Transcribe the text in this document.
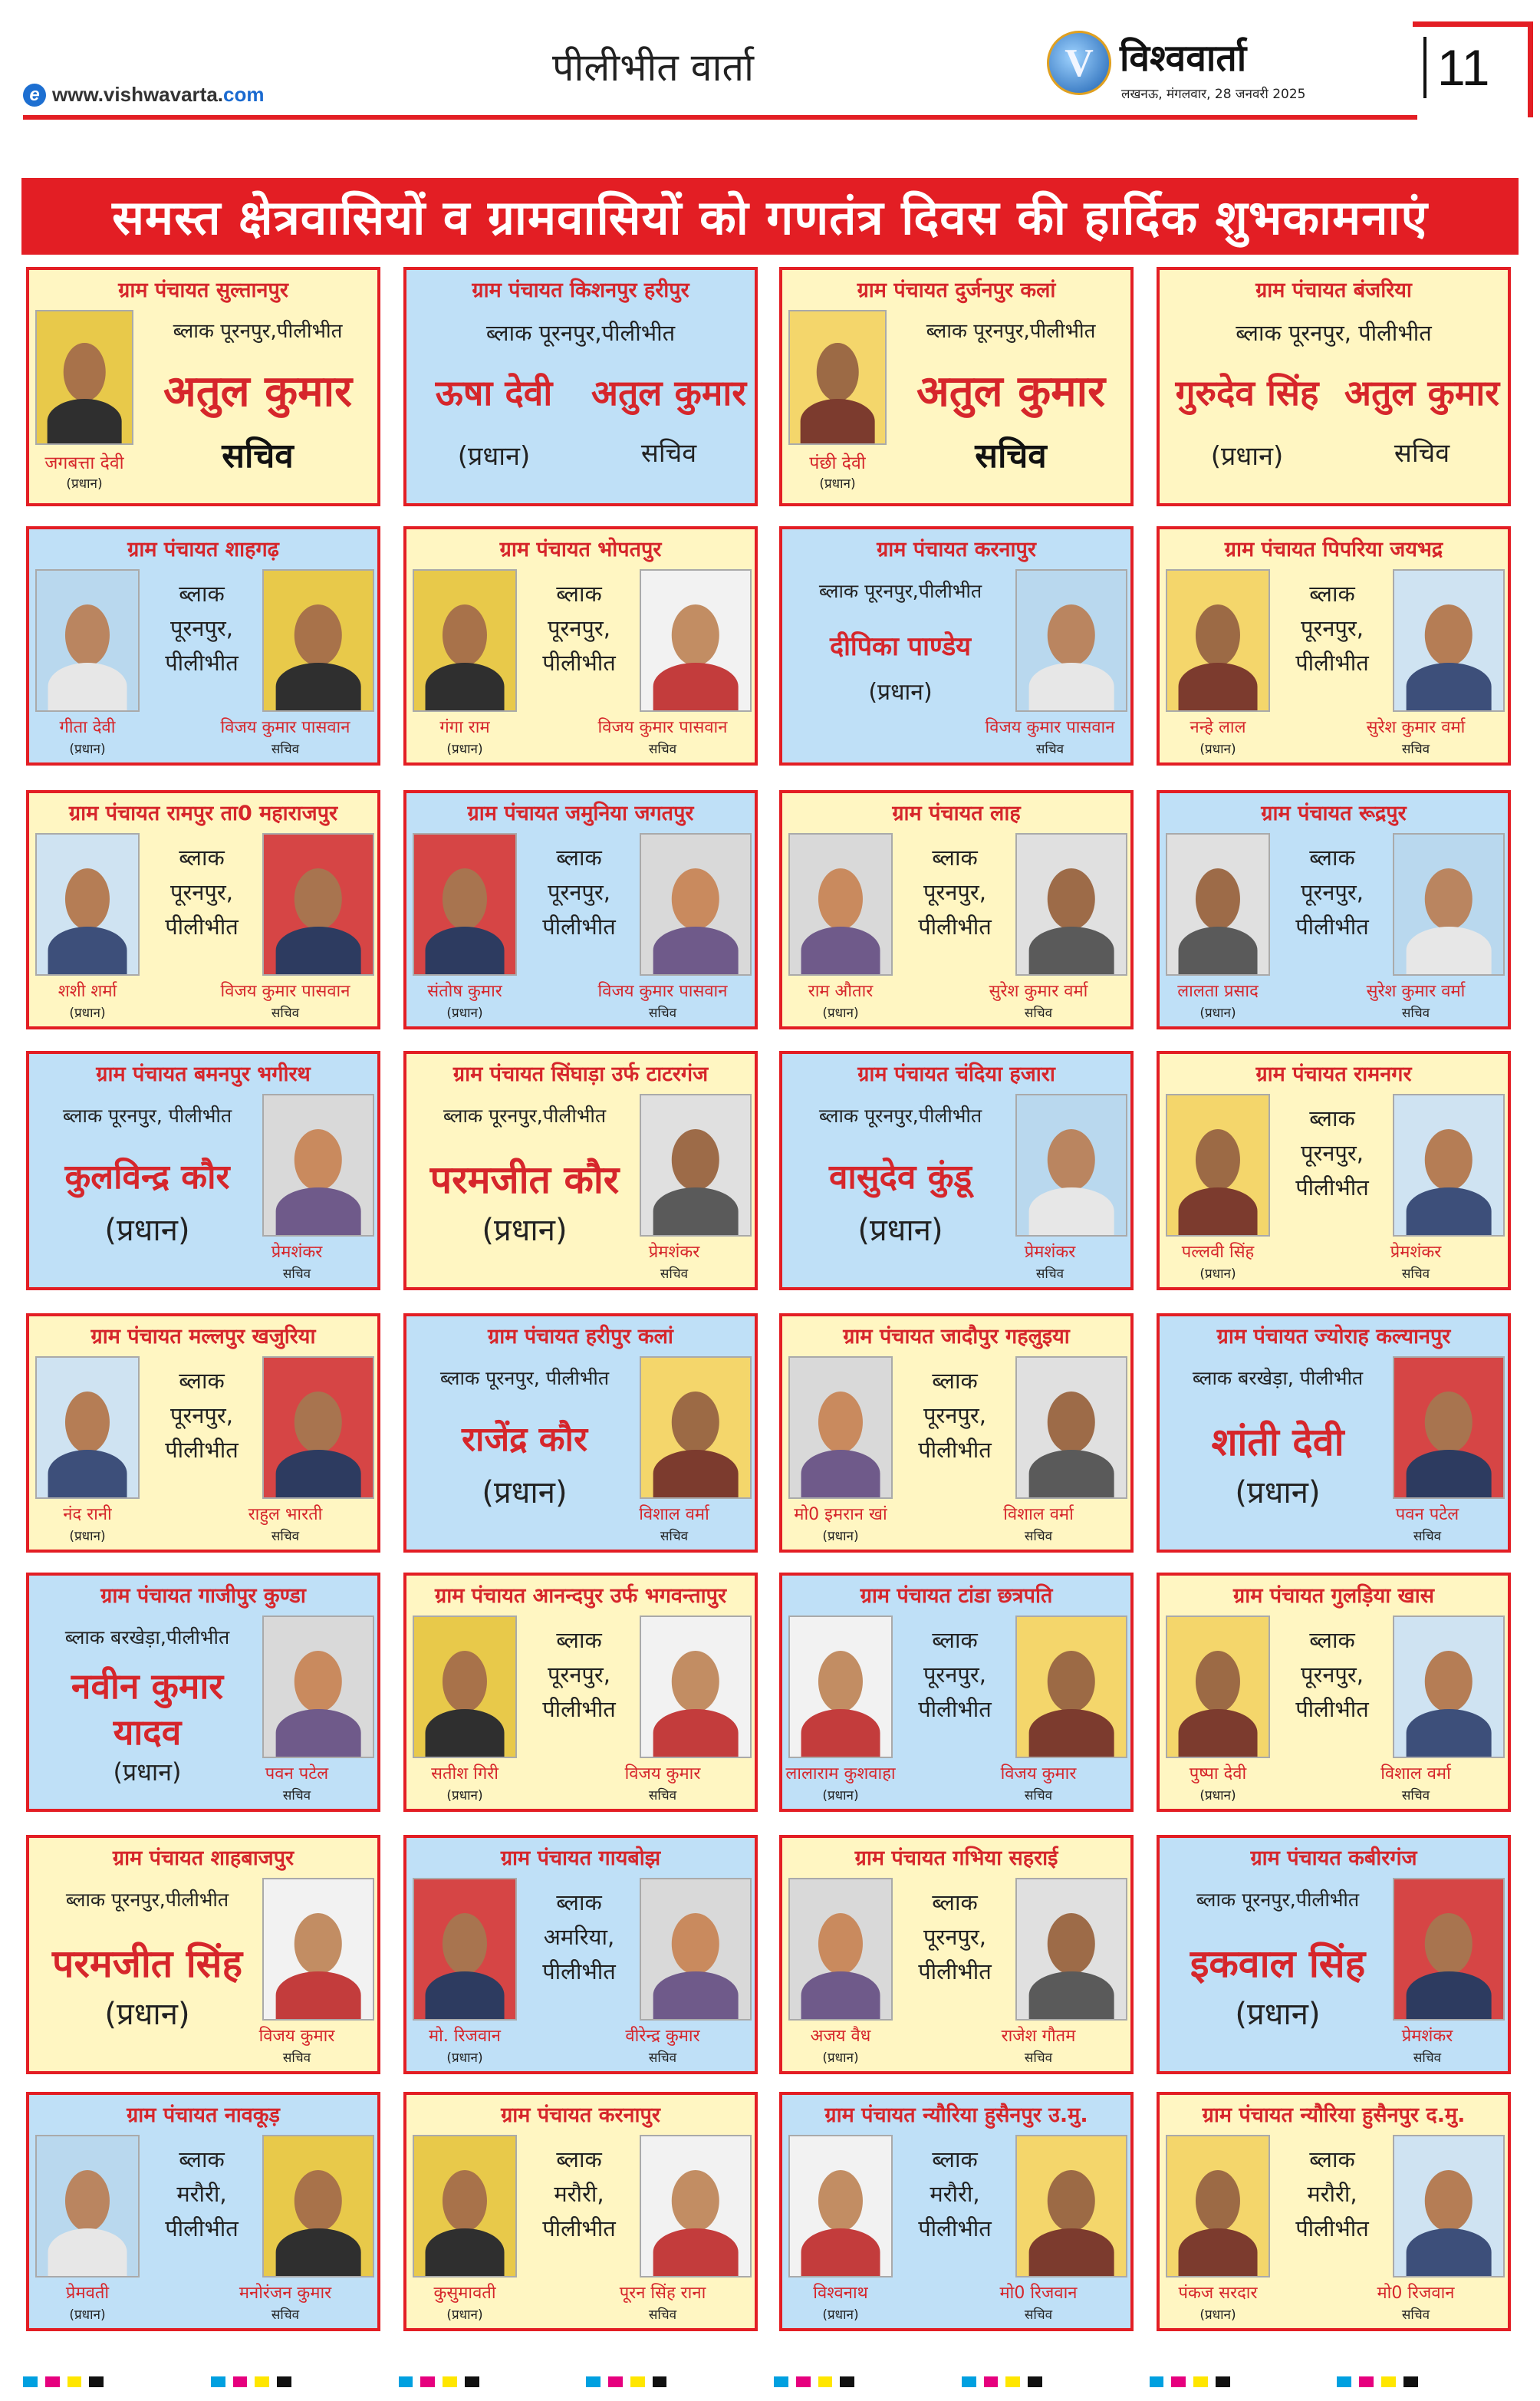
e www.vishwavarta.com
पीलीभीत वार्ता	V विश्ववार्ता
लखनऊ, मंगलवार, 28 जनवरी 2025	11
समस्त क्षेत्रवासियों व ग्रामवासियों को गणतंत्र दिवस की हार्दिक शुभकामनाएं
ग्राम पंचायत सुल्तानपुर
जगबत्ता देवी
(प्रधान)
ब्लाक पूरनपुर,पीलीभीत
अतुल कुमार
सचिव
ग्राम पंचायत किशनपुर हरीपुर
ब्लाक पूरनपुर,पीलीभीत
ऊषा देवी	अतुल कुमार
(प्रधान)	सचिव
ग्राम पंचायत दुर्जनपुर कलां
पंछी देवी
(प्रधान)
ब्लाक पूरनपुर,पीलीभीत
अतुल कुमार
सचिव
ग्राम पंचायत बंजरिया
ब्लाक पूरनपुर, पीलीभीत
गुरुदेव सिंह अतुल कुमार
(प्रधान)	सचिव
ग्राम पंचायत शाहगढ़
ब्लाक
पूरनपुर,
पीलीभीत
गीता देवी
(प्रधान)
विजय कुमार पासवान
सचिव
ग्राम पंचायत भोपतपुर
ब्लाक
पूरनपुर,
पीलीभीत
गंगा राम
(प्रधान)
विजय कुमार पासवान
सचिव
ग्राम पंचायत करनापुर
ब्लाक पूरनपुर,पीलीभीत
दीपिका पाण्डेय
(प्रधान)
विजय कुमार पासवान
सचिव
ग्राम पंचायत पिपरिया जयभद्र
ब्लाक
पूरनपुर,
पीलीभीत
नन्हे लाल
(प्रधान)
सुरेश कुमार वर्मा
सचिव
ग्राम पंचायत रामपुर ता0 महाराजपुर
ब्लाक
पूरनपुर,
पीलीभीत
शशी शर्मा
(प्रधान)
विजय कुमार पासवान
सचिव
ग्राम पंचायत जमुनिया जगतपुर
ब्लाक
पूरनपुर,
पीलीभीत
संतोष कुमार
(प्रधान)
विजय कुमार पासवान
सचिव
ग्राम पंचायत लाह
ब्लाक
पूरनपुर,
पीलीभीत
राम औतार
(प्रधान)
सुरेश कुमार वर्मा
सचिव
ग्राम पंचायत रूद्रपुर
ब्लाक
पूरनपुर,
पीलीभीत
लालता प्रसाद
(प्रधान)
सुरेश कुमार वर्मा
सचिव
ग्राम पंचायत बमनपुर भगीरथ
ब्लाक पूरनपुर, पीलीभीत
कुलविन्द्र कौर
(प्रधान)
प्रेमशंकर
सचिव
ग्राम पंचायत सिंघाड़ा उर्फ टाटरगंज
ब्लाक पूरनपुर,पीलीभीत
परमजीत कौर
(प्रधान)
प्रेमशंकर
सचिव
ग्राम पंचायत चंदिया हजारा
ब्लाक पूरनपुर,पीलीभीत
वासुदेव कुंडू
(प्रधान)
प्रेमशंकर
सचिव
ग्राम पंचायत रामनगर
ब्लाक
पूरनपुर,
पीलीभीत
पल्लवी सिंह
(प्रधान)
प्रेमशंकर
सचिव
ग्राम पंचायत मल्लपुर खजुरिया
ब्लाक
पूरनपुर,
पीलीभीत
नंद रानी
(प्रधान)
राहुल भारती
सचिव
ग्राम पंचायत हरीपुर कलां
ब्लाक पूरनपुर, पीलीभीत
राजेंद्र कौर
(प्रधान)
विशाल वर्मा
सचिव
ग्राम पंचायत जादौपुर गहलुइया
ब्लाक
पूरनपुर,
पीलीभीत
मो0 इमरान खां
(प्रधान)
विशाल वर्मा
सचिव
ग्राम पंचायत ज्योराह कल्यानपुर
ब्लाक बरखेड़ा, पीलीभीत
शांती देवी
(प्रधान)
पवन पटेल
सचिव
ग्राम पंचायत गाजीपुर कुण्डा
ब्लाक बरखेड़ा,पीलीभीत
नवीन कुमार
यादव
(प्रधान)	पवन पटेल
सचिव
ग्राम पंचायत आनन्दपुर उर्फ भगवन्तापुर
ब्लाक
पूरनपुर,
पीलीभीत
सतीश गिरी
(प्रधान)
विजय कुमार
सचिव
ग्राम पंचायत टांडा छत्रपति
ब्लाक
पूरनपुर,
पीलीभीत
लालाराम कुशवाहा
(प्रधान)
विजय कुमार
सचिव
ग्राम पंचायत गुलड़िया खास
ब्लाक
पूरनपुर,
पीलीभीत
पुष्पा देवी
(प्रधान)
विशाल वर्मा
सचिव
ग्राम पंचायत शाहबाजपुर
ब्लाक पूरनपुर,पीलीभीत
परमजीत सिंह
(प्रधान)
विजय कुमार
सचिव
ग्राम पंचायत गायबोझ
ब्लाक
अमरिया,
पीलीभीत
मो. रिजवान
(प्रधान)
वीरेन्द्र कुमार
सचिव
ग्राम पंचायत गभिया सहराई
ब्लाक
पूरनपुर,
पीलीभीत
अजय वैध
(प्रधान)
राजेश गौतम
सचिव
ग्राम पंचायत कबीरगंज
ब्लाक पूरनपुर,पीलीभीत
इकवाल सिंह
(प्रधान)
प्रेमशंकर
सचिव
ग्राम पंचायत नावकूड़
ब्लाक
मरौरी,
पीलीभीत
प्रेमवती
(प्रधान)
मनोरंजन कुमार
सचिव
ग्राम पंचायत करनापुर
ब्लाक
मरौरी,
पीलीभीत
कुसुमावती
(प्रधान)
पूरन सिंह राना
सचिव
ग्राम पंचायत न्यौरिया हुसैनपुर उ.मु.
ब्लाक
मरौरी,
पीलीभीत
विश्वनाथ
(प्रधान)
मो0 रिजवान
सचिव
ग्राम पंचायत न्यौरिया हुसैनपुर द.मु.
ब्लाक
मरौरी,
पीलीभीत
पंकज सरदार
(प्रधान)
मो0 रिजवान
सचिव
